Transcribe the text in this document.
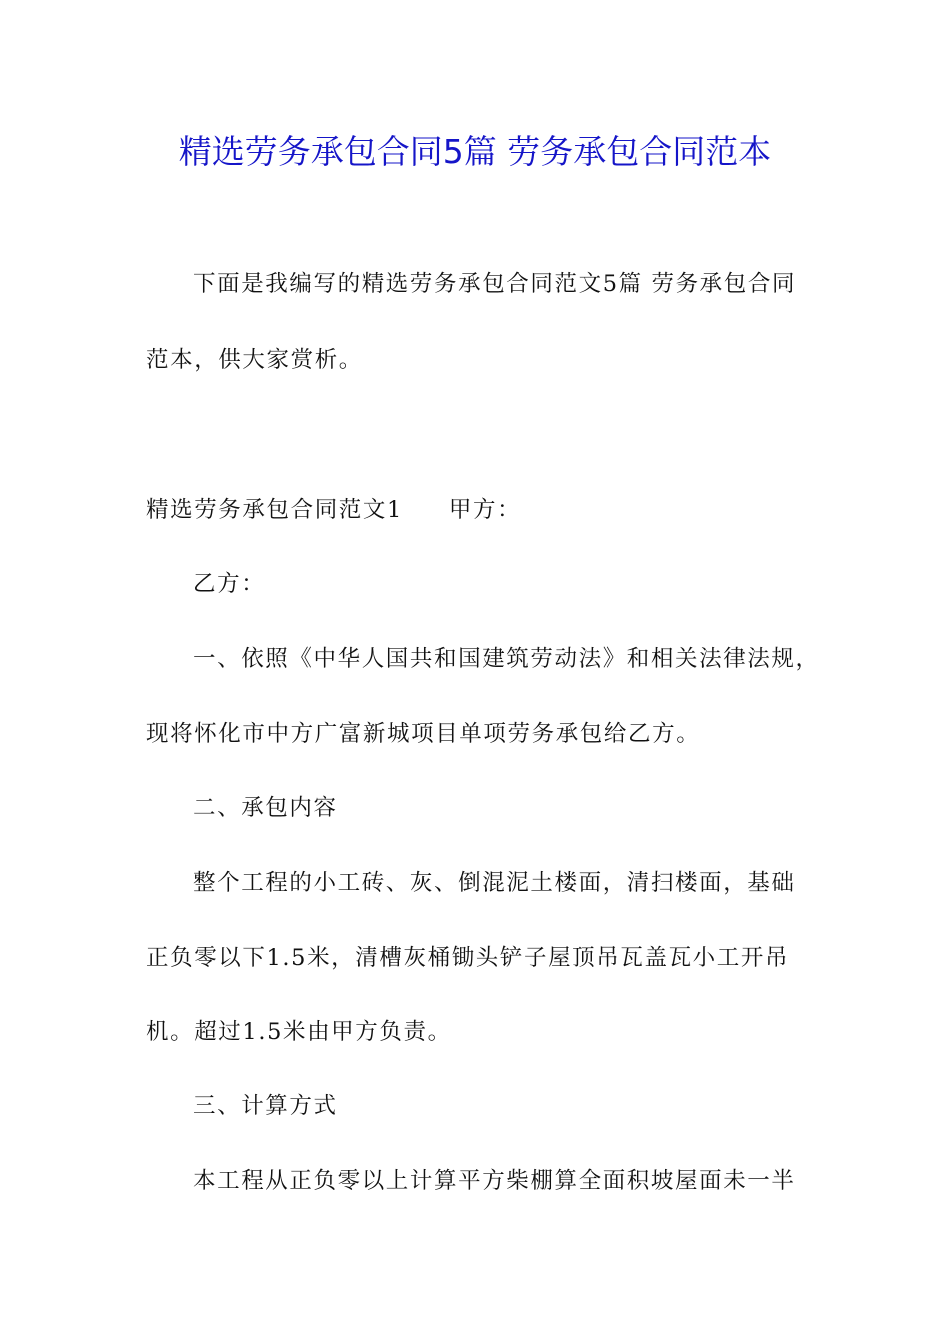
精选劳务承包合同5篇 劳务承包合同范本
下面是我编写的精选劳务承包合同范文5篇 劳务承包合同
范本，供大家赏析。
精选劳务承包合同范文1 甲方：
乙方：
一、依照《中华人国共和国建筑劳动法》和相关法律法规，
现将怀化市中方广富新城项目单项劳务承包给乙方。
二、承包内容
整个工程的小工砖、灰、倒混泥土楼面，清扫楼面，基础
正负零以下1.5米，清槽灰桶锄头铲子屋顶吊瓦盖瓦小工开吊
机。超过1.5米由甲方负责。
三、计算方式
本工程从正负零以上计算平方柴棚算全面积坡屋面未一半
